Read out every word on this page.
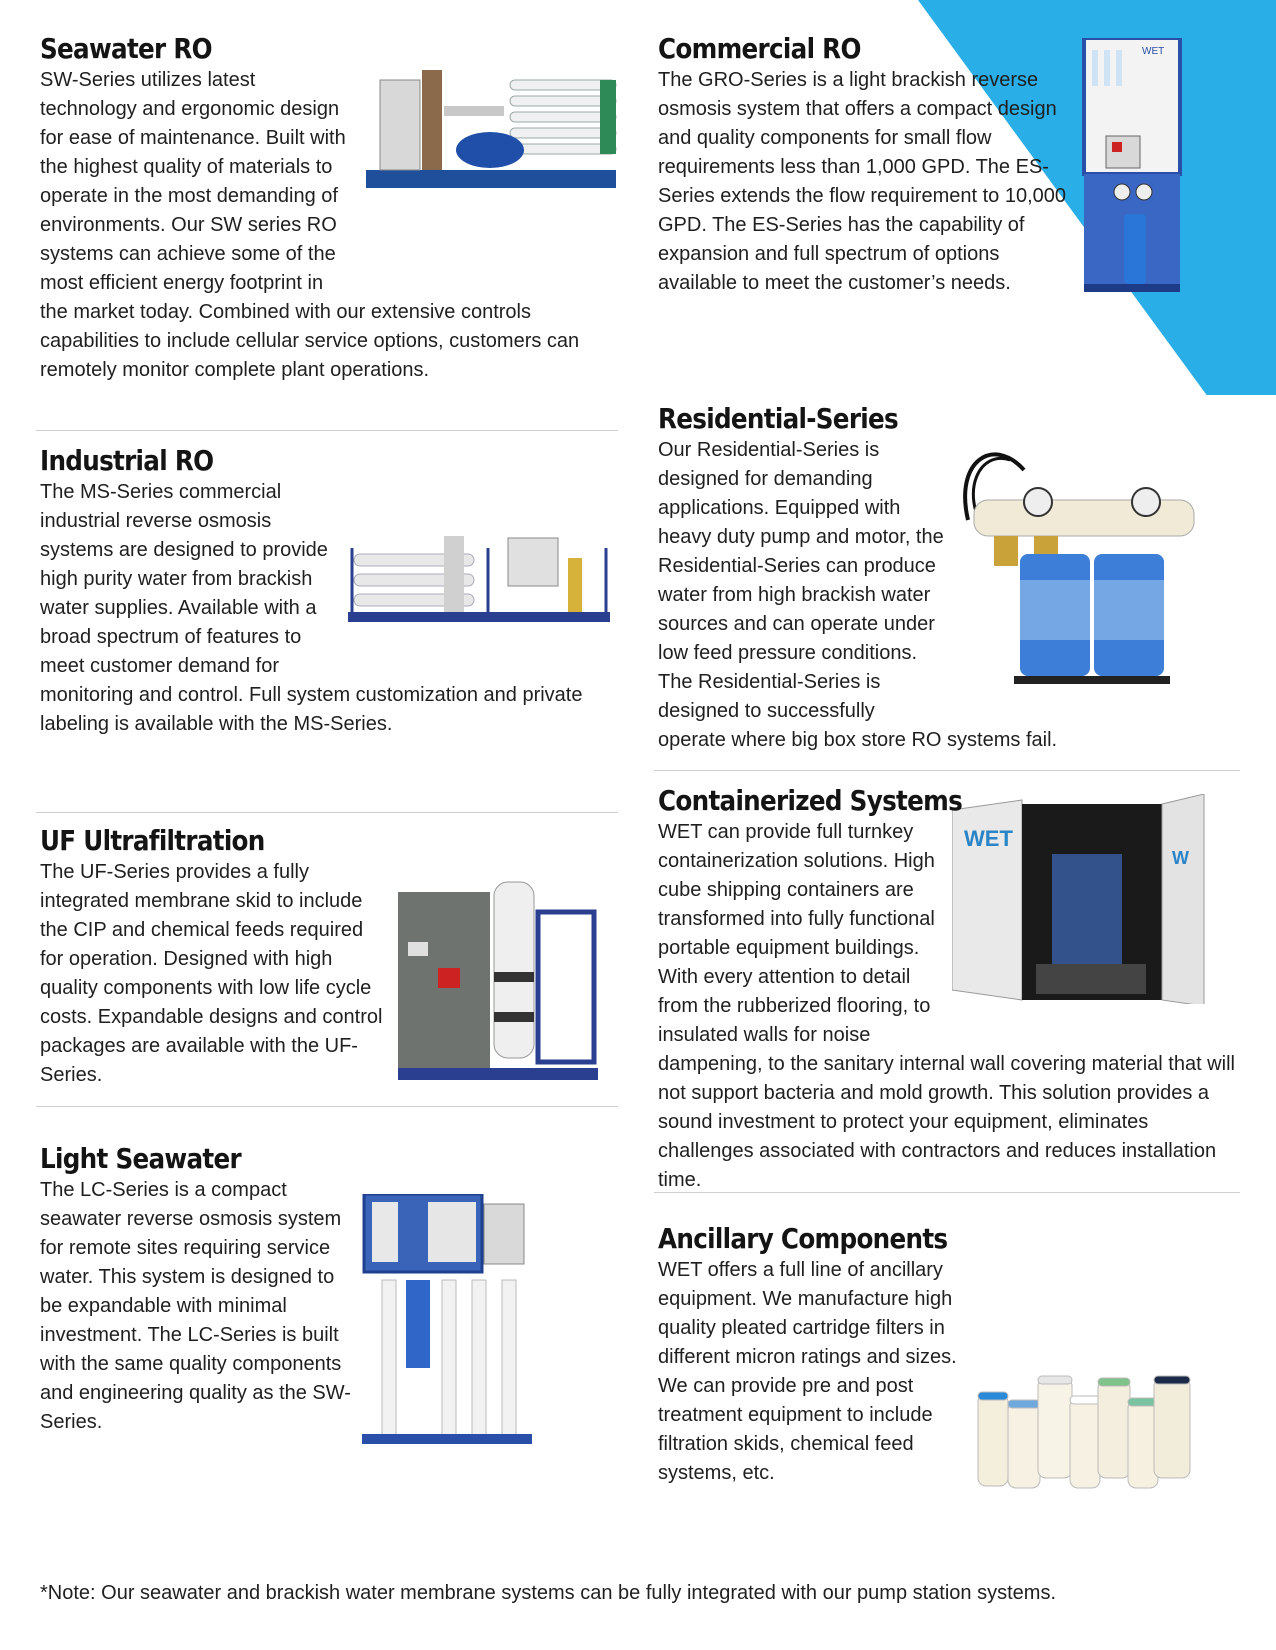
Seawater RO

SW-Series utilizes latest technology and ergonomic design for ease of maintenance. Built with the highest quality of materials to operate in the most demanding of environments. Our SW series RO systems can achieve some of the most efficient energy footprint in the market today. Combined with our extensive controls capabilities to include cellular service options, customers can remotely monitor complete plant operations.

Industrial RO

The MS-Series commercial industrial reverse osmosis systems are designed to provide high purity water from brackish water supplies. Available with a broad spectrum of features to meet customer demand for monitoring and control. Full system customization and private labeling is available with the MS-Series.

UF Ultrafiltration

The UF-Series provides a fully integrated membrane skid to include the CIP and chemical feeds required for operation. Designed with high quality components with low life cycle costs. Expandable designs and control packages are available with the UF-Series.

Light Seawater

The LC-Series is a compact seawater reverse osmosis system for remote sites requiring service water. This system is designed to be expandable with minimal investment. The LC-Series is built with the same quality components and engineering quality as the SW-Series.

Commercial RO	WET

The GRO-Series is a light brackish reverse osmosis system that offers a compact design and quality components for small flow requirements less than 1,000 GPD. The ES-Series extends the flow requirement to 10,000 GPD. The ES-Series has the capability of expansion and full spectrum of options available to meet the customer’s needs.

Residential-Series

Our Residential-Series is designed for demanding applications. Equipped with heavy duty pump and motor, the Residential-Series can produce water from high brackish water sources and can operate under low feed pressure conditions. The Residential-Series is designed to successfully operate where big box store RO systems fail.

Containerized Systems
WET
W

WET can provide full turnkey containerization solutions. High cube shipping containers are transformed into fully functional portable equipment buildings. With every attention to detail from the rubberized flooring, to insulated walls for noise dampening, to the sanitary internal wall covering material that will not support bacteria and mold growth. This solution provides a sound investment to protect your equipment, eliminates challenges associated with contractors and reduces installation time.

Ancillary Components

WET offers a full line of ancillary equipment. We manufacture high quality pleated cartridge filters in different micron ratings and sizes. We can provide pre and post treatment equipment to include filtration skids, chemical feed systems, etc.

*Note: Our seawater and brackish water membrane systems can be fully integrated with our pump station systems.
